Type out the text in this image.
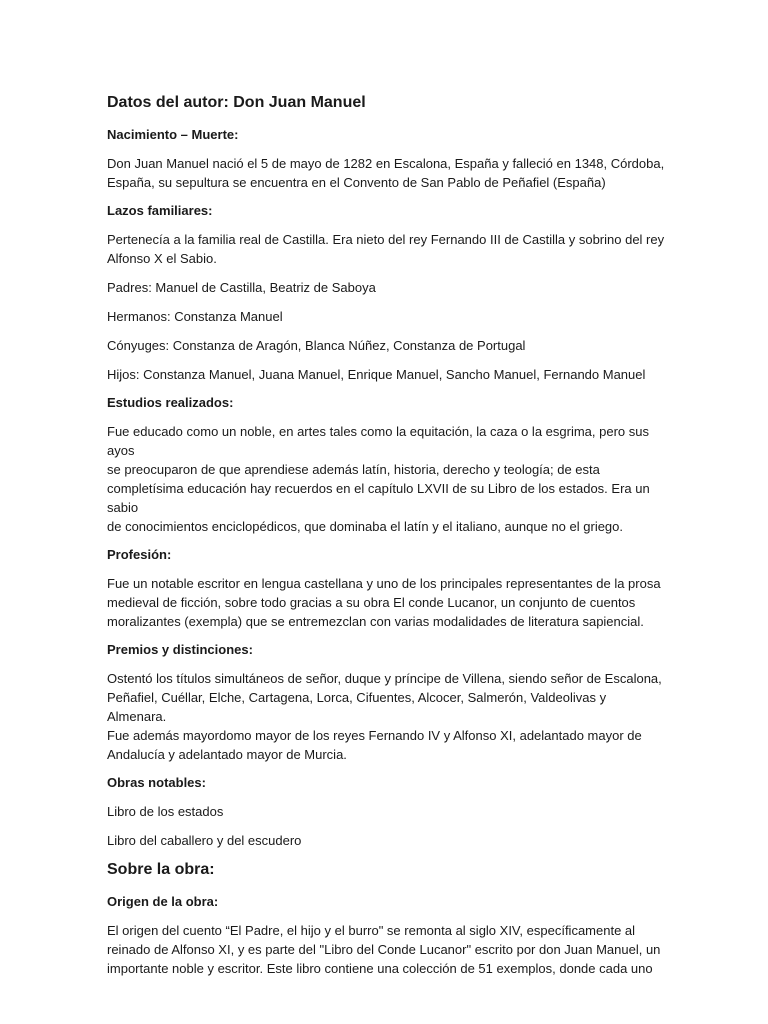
Datos del autor: Don Juan Manuel
Nacimiento – Muerte:
Don Juan Manuel nació el 5 de mayo de 1282 en Escalona, España y falleció en 1348, Córdoba,
España, su sepultura se encuentra en el Convento de San Pablo de Peñafiel (España)
Lazos familiares:
Pertenecía a la familia real de Castilla. Era nieto del rey Fernando III de Castilla y sobrino del rey
Alfonso X el Sabio.
Padres: Manuel de Castilla, Beatriz de Saboya
Hermanos: Constanza Manuel
Cónyuges: Constanza de Aragón, Blanca Núñez, Constanza de Portugal
Hijos: Constanza Manuel, Juana Manuel, Enrique Manuel, Sancho Manuel, Fernando Manuel
Estudios realizados:
Fue educado como un noble, en artes tales como la equitación, la caza o la esgrima, pero sus ayos
se preocuparon de que aprendiese además latín, historia, derecho y teología; de esta
completísima educación hay recuerdos en el capítulo LXVII de su Libro de los estados. Era un sabio
de conocimientos enciclopédicos, que dominaba el latín y el italiano, aunque no el griego.
Profesión:
Fue un notable escritor en lengua castellana y uno de los principales representantes de la prosa
medieval de ficción, sobre todo gracias a su obra El conde Lucanor, un conjunto de cuentos
moralizantes (exempla) que se entremezclan con varias modalidades de literatura sapiencial.
Premios y distinciones:
Ostentó los títulos simultáneos de señor, duque y príncipe de Villena, siendo señor de Escalona,
Peñafiel, Cuéllar, Elche, Cartagena, Lorca, Cifuentes, Alcocer, Salmerón, Valdeolivas y Almenara.
Fue además mayordomo mayor de los reyes Fernando IV y Alfonso XI, adelantado mayor de
Andalucía y adelantado mayor de Murcia.
Obras notables:
Libro de los estados
Libro del caballero y del escudero
Sobre la obra:
Origen de la obra:
El origen del cuento “El Padre, el hijo y el burro" se remonta al siglo XIV, específicamente al
reinado de Alfonso XI, y es parte del "Libro del Conde Lucanor" escrito por don Juan Manuel, un
importante noble y escritor. Este libro contiene una colección de 51 exemplos, donde cada uno
